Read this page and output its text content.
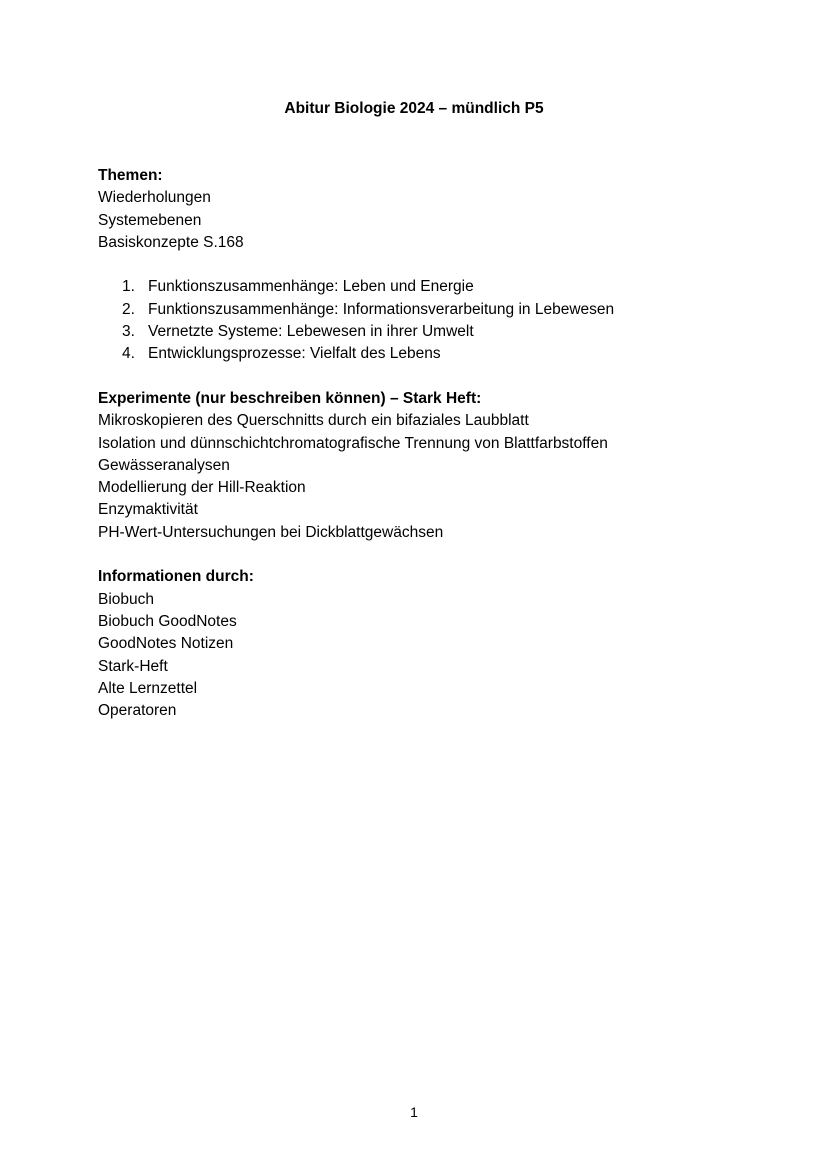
Abitur Biologie 2024 – mündlich P5
Themen:
Wiederholungen
Systemebenen
Basiskonzepte S.168
1. Funktionszusammenhänge: Leben und Energie
2. Funktionszusammenhänge: Informationsverarbeitung in Lebewesen
3. Vernetzte Systeme: Lebewesen in ihrer Umwelt
4. Entwicklungsprozesse: Vielfalt des Lebens
Experimente (nur beschreiben können) – Stark Heft:
Mikroskopieren des Querschnitts durch ein bifaziales Laubblatt
Isolation und dünnschichtchromatografische Trennung von Blattfarbstoffen
Gewässeranalysen
Modellierung der Hill-Reaktion
Enzymaktivität
PH-Wert-Untersuchungen bei Dickblattgewächsen
Informationen durch:
Biobuch
Biobuch GoodNotes
GoodNotes Notizen
Stark-Heft
Alte Lernzettel
Operatoren
1
